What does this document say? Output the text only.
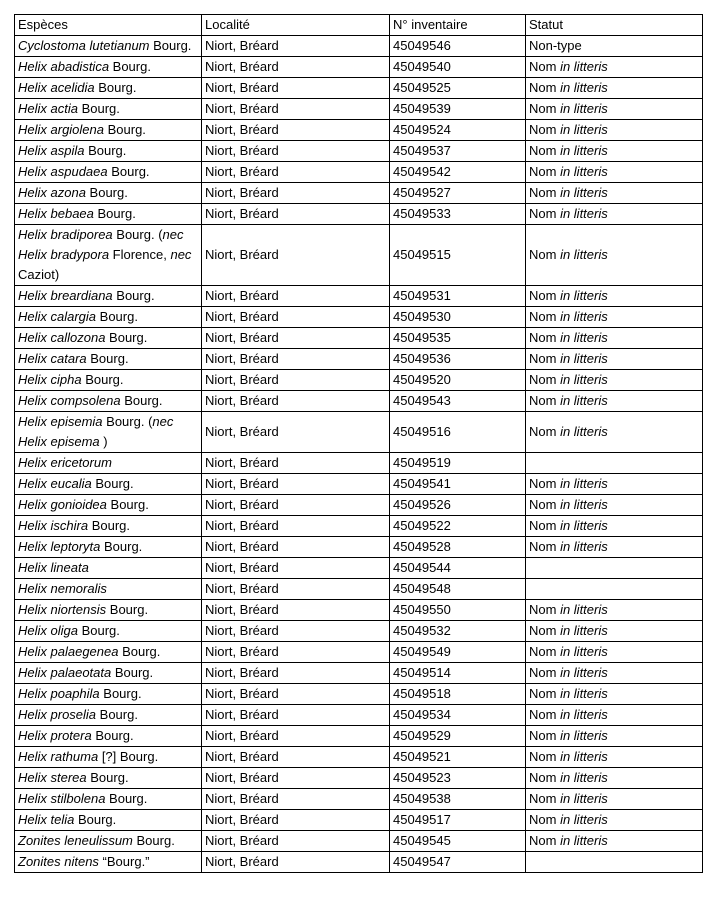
Espèces	Localité	N° inventaire	Statut
Cyclostoma lutetianum Bourg.	Niort, Bréard	45049546	Non-type
Helix abadistica Bourg.	Niort, Bréard	45049540	Nom in litteris
Helix acelidia Bourg.	Niort, Bréard	45049525	Nom in litteris
Helix actia Bourg.	Niort, Bréard	45049539	Nom in litteris
Helix argiolena Bourg.	Niort, Bréard	45049524	Nom in litteris
Helix aspila Bourg.	Niort, Bréard	45049537	Nom in litteris
Helix aspudaea Bourg.	Niort, Bréard	45049542	Nom in litteris
Helix azona Bourg.	Niort, Bréard	45049527	Nom in litteris
Helix bebaea Bourg.	Niort, Bréard	45049533	Nom in litteris
Helix bradiporea Bourg. (nec Helix bradypora Florence, nec Caziot)	Niort, Bréard	45049515	Nom in litteris
Helix breardiana Bourg.	Niort, Bréard	45049531	Nom in litteris
Helix calargia Bourg.	Niort, Bréard	45049530	Nom in litteris
Helix callozona Bourg.	Niort, Bréard	45049535	Nom in litteris
Helix catara Bourg.	Niort, Bréard	45049536	Nom in litteris
Helix cipha Bourg.	Niort, Bréard	45049520	Nom in litteris
Helix compsolena Bourg.	Niort, Bréard	45049543	Nom in litteris
Helix episemia Bourg. (nec Helix episema )	Niort, Bréard	45049516	Nom in litteris
Helix ericetorum	Niort, Bréard	45049519	
Helix eucalia Bourg.	Niort, Bréard	45049541	Nom in litteris
Helix gonioidea Bourg.	Niort, Bréard	45049526	Nom in litteris
Helix ischira Bourg.	Niort, Bréard	45049522	Nom in litteris
Helix leptoryta Bourg.	Niort, Bréard	45049528	Nom in litteris
Helix lineata	Niort, Bréard	45049544	
Helix nemoralis	Niort, Bréard	45049548	
Helix niortensis Bourg.	Niort, Bréard	45049550	Nom in litteris
Helix oliga Bourg.	Niort, Bréard	45049532	Nom in litteris
Helix palaegenea Bourg.	Niort, Bréard	45049549	Nom in litteris
Helix palaeotata Bourg.	Niort, Bréard	45049514	Nom in litteris
Helix poaphila Bourg.	Niort, Bréard	45049518	Nom in litteris
Helix proselia Bourg.	Niort, Bréard	45049534	Nom in litteris
Helix protera Bourg.	Niort, Bréard	45049529	Nom in litteris
Helix rathuma [?] Bourg.	Niort, Bréard	45049521	Nom in litteris
Helix sterea Bourg.	Niort, Bréard	45049523	Nom in litteris
Helix stilbolena Bourg.	Niort, Bréard	45049538	Nom in litteris
Helix telia Bourg.	Niort, Bréard	45049517	Nom in litteris
Zonites leneulissum Bourg.	Niort, Bréard	45049545	Nom in litteris
Zonites nitens “Bourg.”	Niort, Bréard	45049547	
